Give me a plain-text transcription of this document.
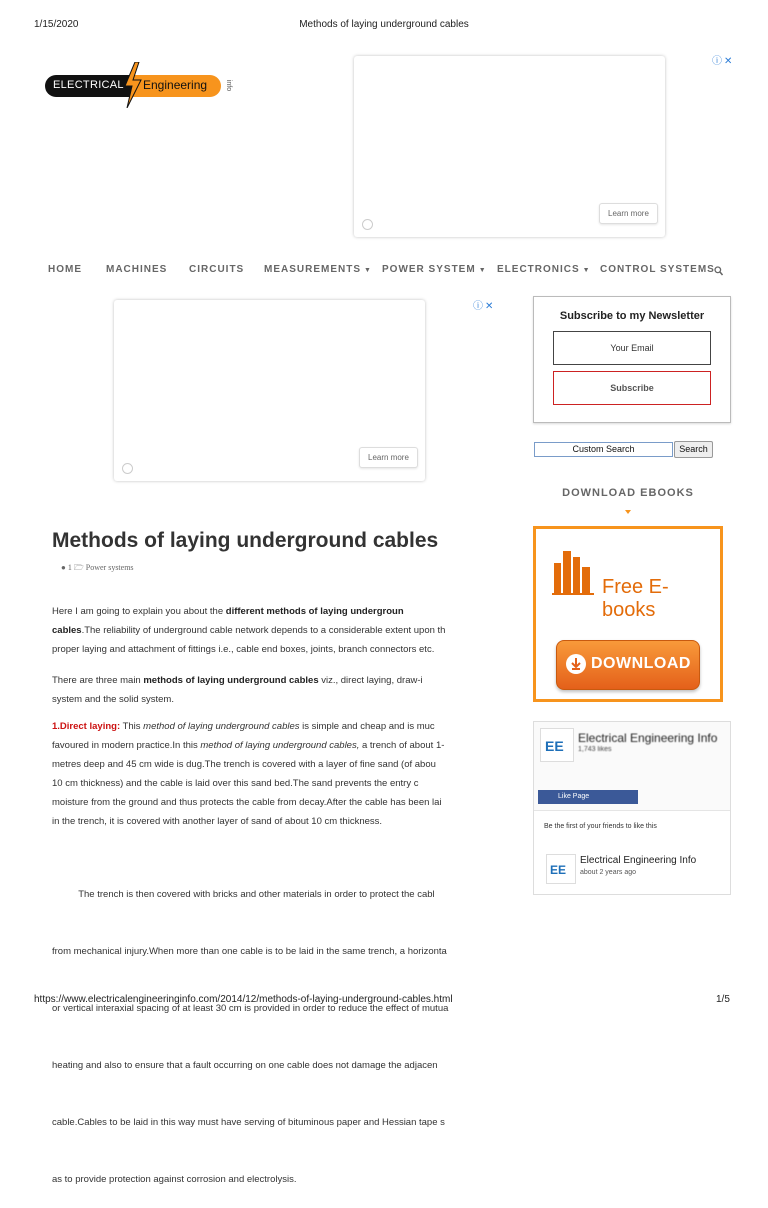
1/15/2020	Methods of laying underground cables
ELECTRICAL Engineering	info
ⓘ✕
Learn more
HOME MACHINES CIRCUITS MEASUREMENTS ▼ POWER SYSTEM ▼ ELECTRONICS ▼ CONTROL SYSTEMS
ⓘ✕
Learn more
Subscribe to my Newsletter
Your Email
Subscribe
Custom Search	Search
DOWNLOAD EBOOKS
Free E-books
DOWNLOAD
EE Electrical Engineering Info
1,743 likes
Like Page
Be the first of your friends to like this
EE
Electrical Engineering Info
about 2 years ago
Methods of laying underground cables
● 1 🗁 Power systems

Here I am going to explain you about the different methods of laying undergroun

cables.The reliability of underground cable network depends to a considerable extent upon th

proper laying and attachment of fittings i.e., cable end boxes, joints, branch connectors etc.

There are three main methods of laying underground cables viz., direct laying, draw-i

system and the solid system.

1.Direct laying: This method of laying underground cables is simple and cheap and is muc

favoured in modern practice.In this method of laying underground cables, a trench of about 1-

metres deep and 45 cm wide is dug.The trench is covered with a layer of fine sand (of abou

10 cm thickness) and the cable is laid over this sand bed.The sand prevents the entry c

moisture from the ground and thus protects the cable from decay.After the cable has been lai

in the trench, it is covered with another layer of sand of about 10 cm thickness.

The trench is then covered with bricks and other materials in order to protect the cabl

from mechanical injury.When more than one cable is to be laid in the same trench, a horizonta

or vertical interaxial spacing of at least 30 cm is provided in order to reduce the effect of mutua

heating and also to ensure that a fault occurring on one cable does not damage the adjacen

cable.Cables to be laid in this way must have serving of bituminous paper and Hessian tape s

as to provide protection against corrosion and electrolysis.

https://www.electricalengineeringinfo.com/2014/12/methods-of-laying-underground-cables.html	1/5
